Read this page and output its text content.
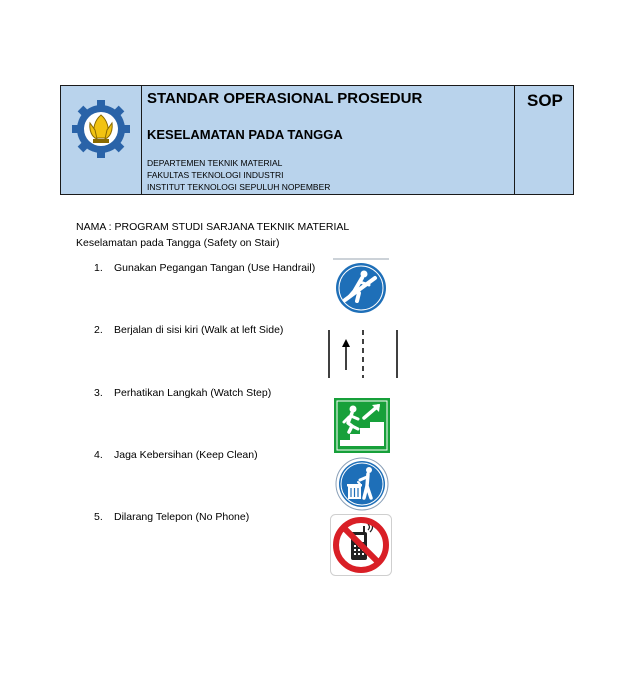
STANDAR OPERASIONAL PROSEDUR
KESELAMATAN PADA TANGGA
DEPARTEMEN TEKNIK MATERIAL
FAKULTAS TEKNOLOGI INDUSTRI
INSTITUT TEKNOLOGI SEPULUH NOPEMBER
SOP
NAMA : PROGRAM STUDI SARJANA TEKNIK MATERIAL
Keselamatan pada Tangga (Safety on Stair)
1. Gunakan Pegangan Tangan (Use Handrail)
2. Berjalan di sisi kiri (Walk at left Side)
3. Perhatikan Langkah (Watch Step)
4. Jaga Kebersihan (Keep Clean)
5. Dilarang Telepon (No Phone)
